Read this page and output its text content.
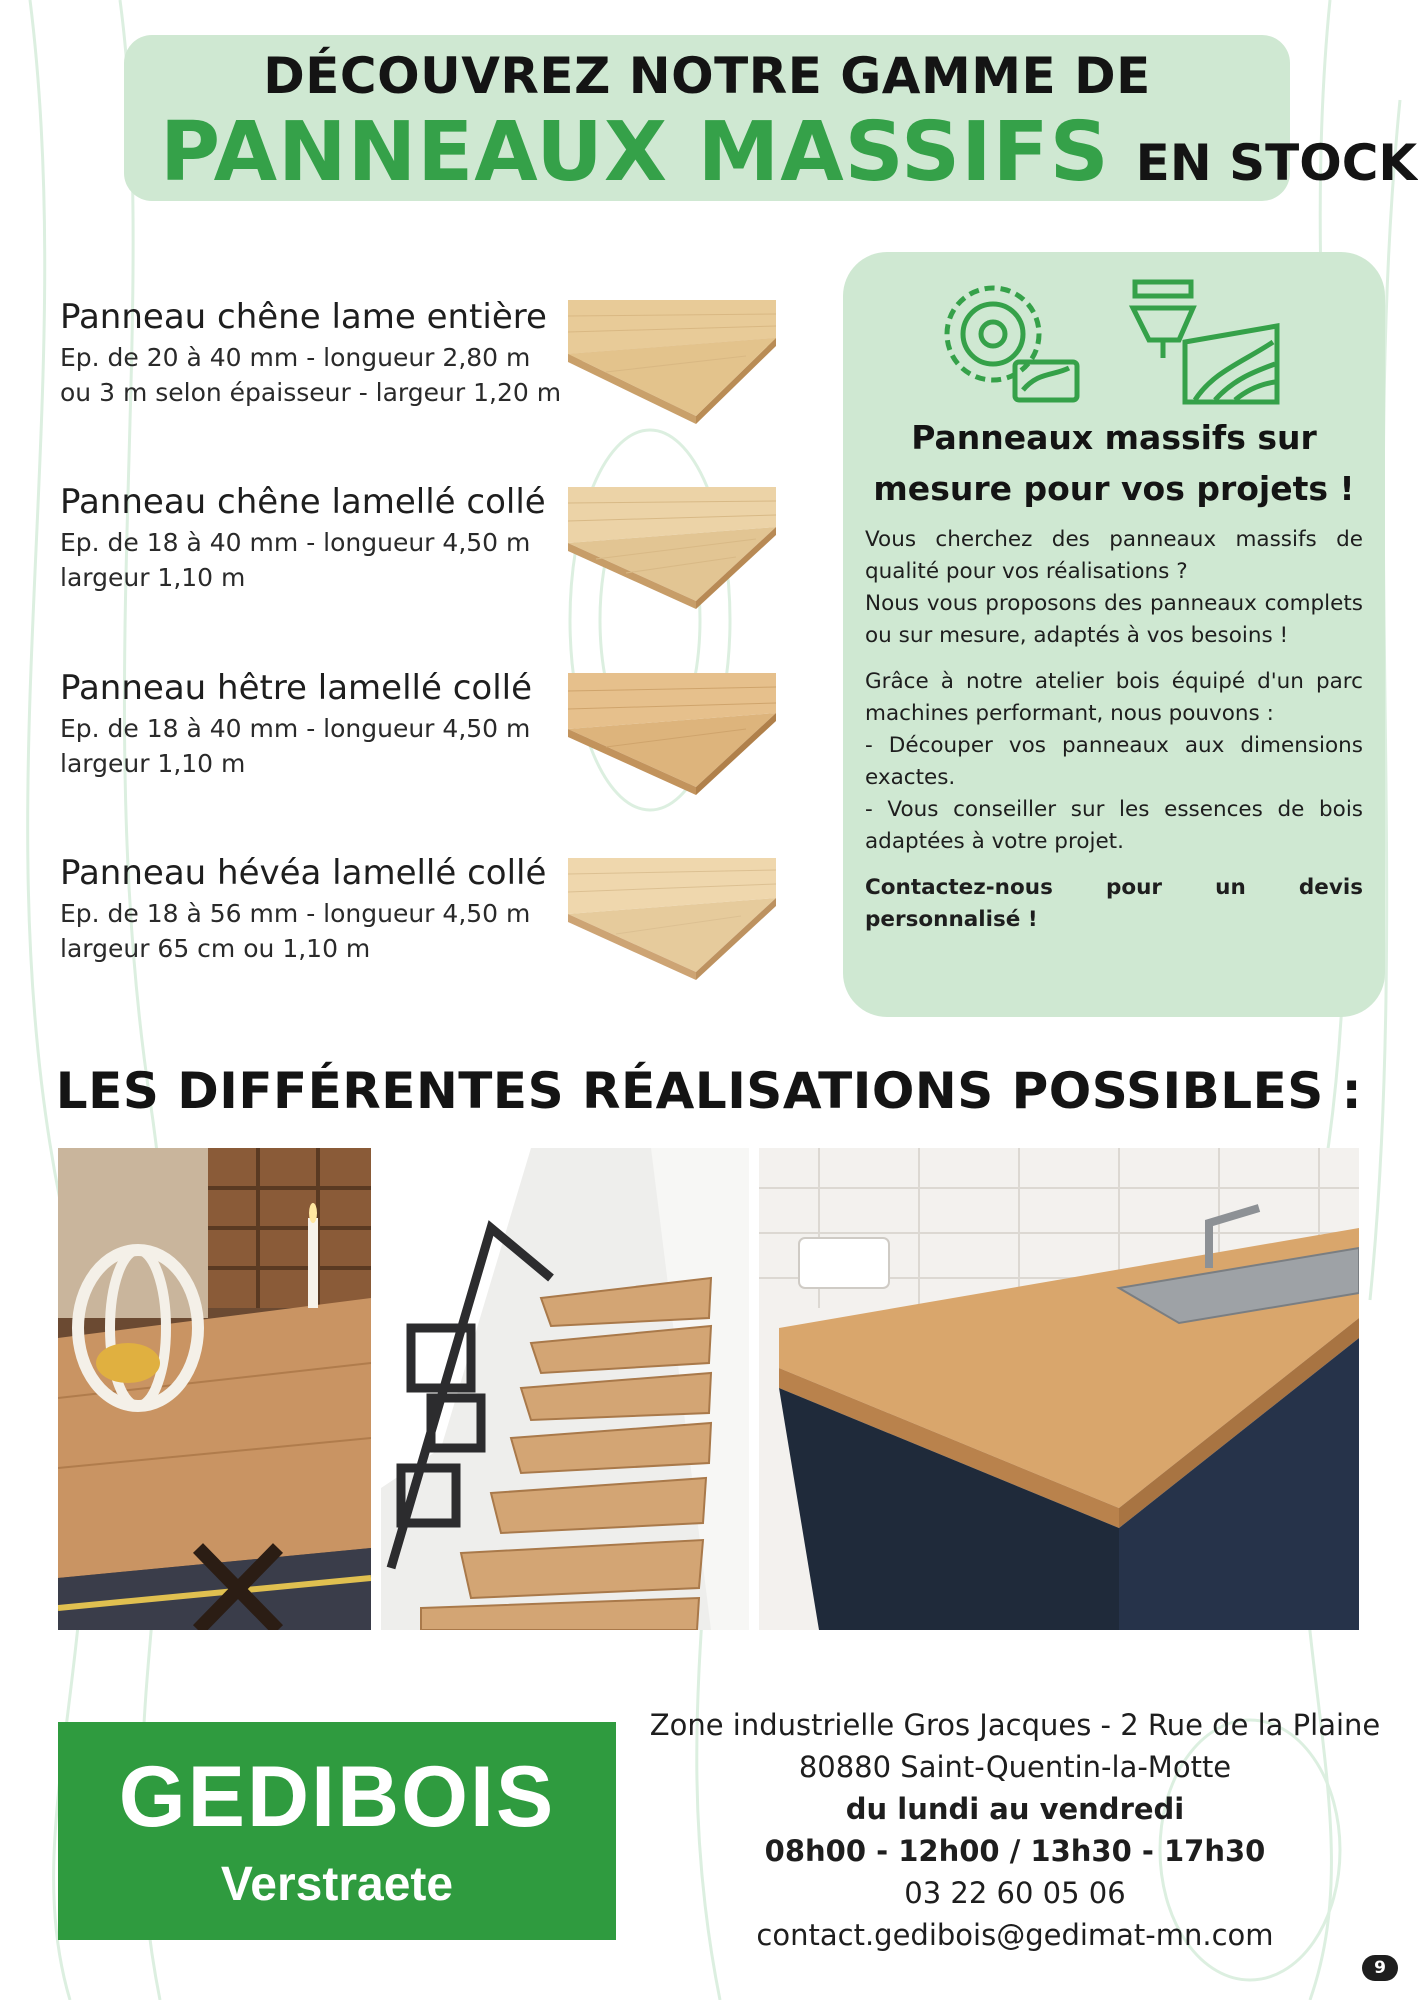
DÉCOUVREZ NOTRE GAMME DE
PANNEAUX MASSIFS EN STOCK
Panneau chêne lame entière
Ep. de 20 à 40 mm - longueur 2,80 m
ou 3 m selon épaisseur - largeur 1,20 m
Panneau chêne lamellé collé
Ep. de 18 à 40 mm - longueur 4,50 m
largeur 1,10 m
Panneau hêtre lamellé collé
Ep. de 18 à 40 mm - longueur 4,50 m
largeur 1,10 m
Panneau hévéa lamellé collé
Ep. de 18 à 56 mm - longueur 4,50 m
largeur 65 cm ou 1,10 m
Panneaux massifs sur
mesure pour vos projets !

Vous cherchez des panneaux massifs de qualité pour vos réalisations ?

Nous vous proposons des panneaux complets ou sur mesure, adaptés à vos besoins !

Grâce à notre atelier bois équipé d'un parc machines performant, nous pouvons :

- Découper vos panneaux aux dimensions exactes.

- Vous conseiller sur les essences de bois adaptées à votre projet.

Contactez-nous pour un devis personnalisé !

LES DIFFÉRENTES RÉALISATIONS POSSIBLES :
GEDIBOIS
Verstraete
Zone industrielle Gros Jacques - 2 Rue de la Plaine
80880 Saint-Quentin-la-Motte
du lundi au vendredi
08h00 - 12h00 / 13h30 - 17h30
03 22 60 05 06
contact.gedibois@gedimat-mn.com
9
